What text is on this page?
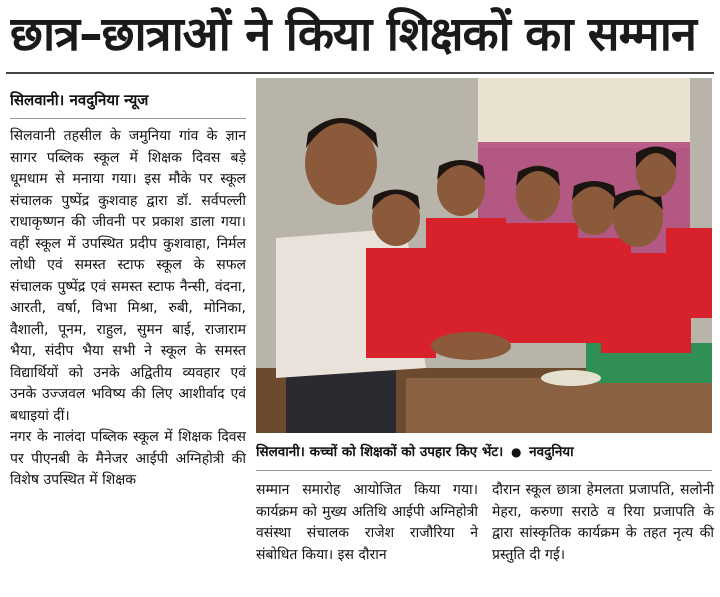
छात्र–छात्राओं ने किया शिक्षकों का सम्मान
सिलवानी। नवदुनिया न्यूज

सिलवानी तहसील के जमुनिया गांव के ज्ञान सागर पब्लिक स्कूल में शिक्षक दिवस बड़े धूमधाम से मनाया गया। इस मौके पर स्कूल संचालक पुष्पेंद्र कुशवाह द्वारा डॉ. सर्वपल्ली राधाकृष्णन की जीवनी पर प्रकाश डाला गया। वहीं स्कूल में उपस्थित प्रदीप कुशवाहा, निर्मल लोधी एवं समस्त स्टाफ स्कूल के सफल संचालक पुष्पेंद्र एवं समस्त स्टाफ नैन्सी, वंदना, आरती, वर्षा, विभा मिश्रा, रुबी, मोनिका, वैशाली, पूनम, राहुल, सुमन बाई, राजाराम भैया, संदीप भैया सभी ने स्कूल के समस्त विद्यार्थियों को उनके अद्वितीय व्यवहार एवं उनके उज्जवल भविष्य की लिए आशीर्वाद एवं बधाइयां दीं।

नगर के नालंदा पब्लिक स्कूल में शिक्षक दिवस पर पीएनबी के मैनेजर आईपी अग्निहोत्री की विशेष उपस्थित में शिक्षक

सिलवानी। कच्चों को शिक्षकों को उपहार किए भेंट। ● नवदुनिया

सम्मान समारोह आयोजित किया गया। कार्यक्रम को मुख्य अतिथि आईपी अग्निहोत्री वसंस्था संचालक राजेश राजौरिया ने संबोधित किया। इस दौरान

दौरान स्कूल छात्रा हेमलता प्रजापति, सलोनी मेहरा, करुणा सराठे व रिया प्रजापति के द्वारा सांस्कृतिक कार्यक्रम के तहत नृत्य की प्रस्तुति दी गई।
